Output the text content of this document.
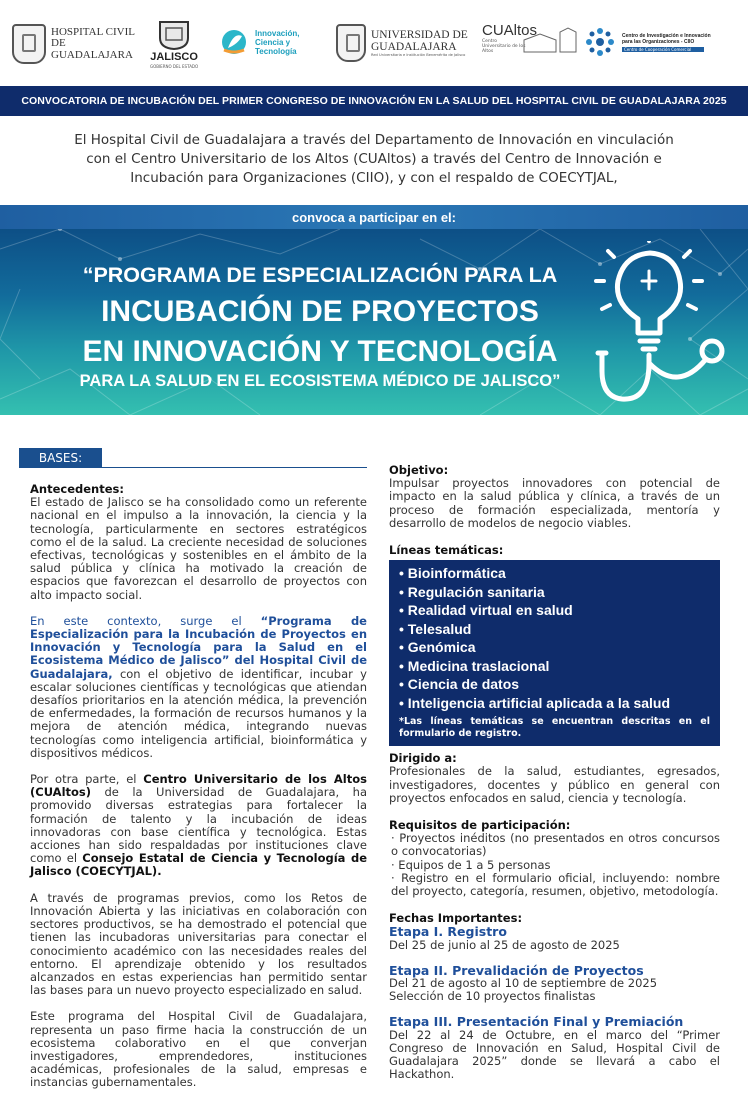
HOSPITAL CIVIL DE GUADALAJARA	JALISCO
GOBIERNO DEL ESTADO
Innovación, Ciencia y Tecnología
UNIVERSIDAD DE GUADALAJARA
Red Universitaria e Institución Benemérita de Jalisco
CUAltos
Centro Universitario de los Altos
Centro de Investigación e Innovación para las Organizaciones - CIIO
Centro de Cooperación Comercial
CONVOCATORIA DE INCUBACIÓN DEL PRIMER CONGRESO DE INNOVACIÓN EN LA SALUD DEL HOSPITAL CIVIL DE GUADALAJARA 2025
El Hospital Civil de Guadalajara a través del Departamento de Innovación en vinculación
con el Centro Universitario de los Altos (CUAltos) a través del Centro de Innovación e
Incubación para Organizaciones (CIIO), y con el respaldo de COECYTJAL,
convoca a participar en el:
“PROGRAMA DE ESPECIALIZACIÓN PARA LA
INCUBACIÓN DE PROYECTOS
EN INNOVACIÓN Y TECNOLOGÍA
PARA LA SALUD EN EL ECOSISTEMA MÉDICO DE JALISCO”
BASES:

Antecedentes:
El estado de Jalisco se ha consolidado como un referente nacional en el impulso a la innovación, la ciencia y la tecnología, particularmente en sectores estratégicos como el de la salud. La creciente necesidad de soluciones efectivas, tecnológicas y sostenibles en el ámbito de la salud pública y clínica ha motivado la creación de espacios que favorezcan el desarrollo de proyectos con alto impacto social.

En este contexto, surge el “Programa de Especialización para la Incubación de Proyectos en Innovación y Tecnología para la Salud en el Ecosistema Médico de Jalisco” del Hospital Civil de Guadalajara, con el objetivo de identificar, incubar y escalar soluciones científicas y tecnológicas que atiendan desafíos prioritarios en la atención médica, la prevención de enfermedades, la formación de recursos humanos y la mejora de atención médica, integrando nuevas tecnologías como inteligencia artificial, bioinformática y dispositivos médicos.

Por otra parte, el Centro Universitario de los Altos (CUAltos) de la Universidad de Guadalajara, ha promovido diversas estrategias para fortalecer la formación de talento y la incubación de ideas innovadoras con base científica y tecnológica. Estas acciones han sido respaldadas por instituciones clave como el Consejo Estatal de Ciencia y Tecnología de Jalisco (COECYTJAL).

A través de programas previos, como los Retos de Innovación Abierta y las iniciativas en colaboración con sectores productivos, se ha demostrado el potencial que tienen las incubadoras universitarias para conectar el conocimiento académico con las necesidades reales del entorno. El aprendizaje obtenido y los resultados alcanzados en estas experiencias han permitido sentar las bases para un nuevo proyecto especializado en salud.

Este programa del Hospital Civil de Guadalajara, representa un paso firme hacia la construcción de un ecosistema colaborativo en el que converjan investigadores, emprendedores, instituciones académicas, profesionales de la salud, empresas e instancias gubernamentales.

Objetivo:
Impulsar proyectos innovadores con potencial de impacto en la salud pública y clínica, a través de un proceso de formación especializada, mentoría y desarrollo de modelos de negocio viables.
Líneas temáticas:
• Bioinformática
• Regulación sanitaria
• Realidad virtual en salud
• Telesalud
• Genómica
• Medicina traslacional
• Ciencia de datos
• Inteligencia artificial aplicada a la salud
*Las líneas temáticas se encuentran descritas en el formulario de registro.
Dirigido a:
Profesionales de la salud, estudiantes, egresados, investigadores, docentes y público en general con proyectos enfocados en salud, ciencia y tecnología.
Requisitos de participación:
· Proyectos inéditos (no presentados en otros concursos o convocatorias)
· Equipos de 1 a 5 personas
· Registro en el formulario oficial, incluyendo: nombre del proyecto, categoría, resumen, objetivo, metodología.
Fechas Importantes:
Etapa I. Registro
Del 25 de junio al 25 de agosto de 2025
Etapa II. Prevalidación de Proyectos
Del 21 de agosto al 10 de septiembre de 2025
Selección de 10 proyectos finalistas
Etapa III. Presentación Final y Premiación
Del 22 al 24 de Octubre, en el marco del “Primer Congreso de Innovación en Salud, Hospital Civil de Guadalajara 2025” donde se llevará a cabo el Hackathon.
